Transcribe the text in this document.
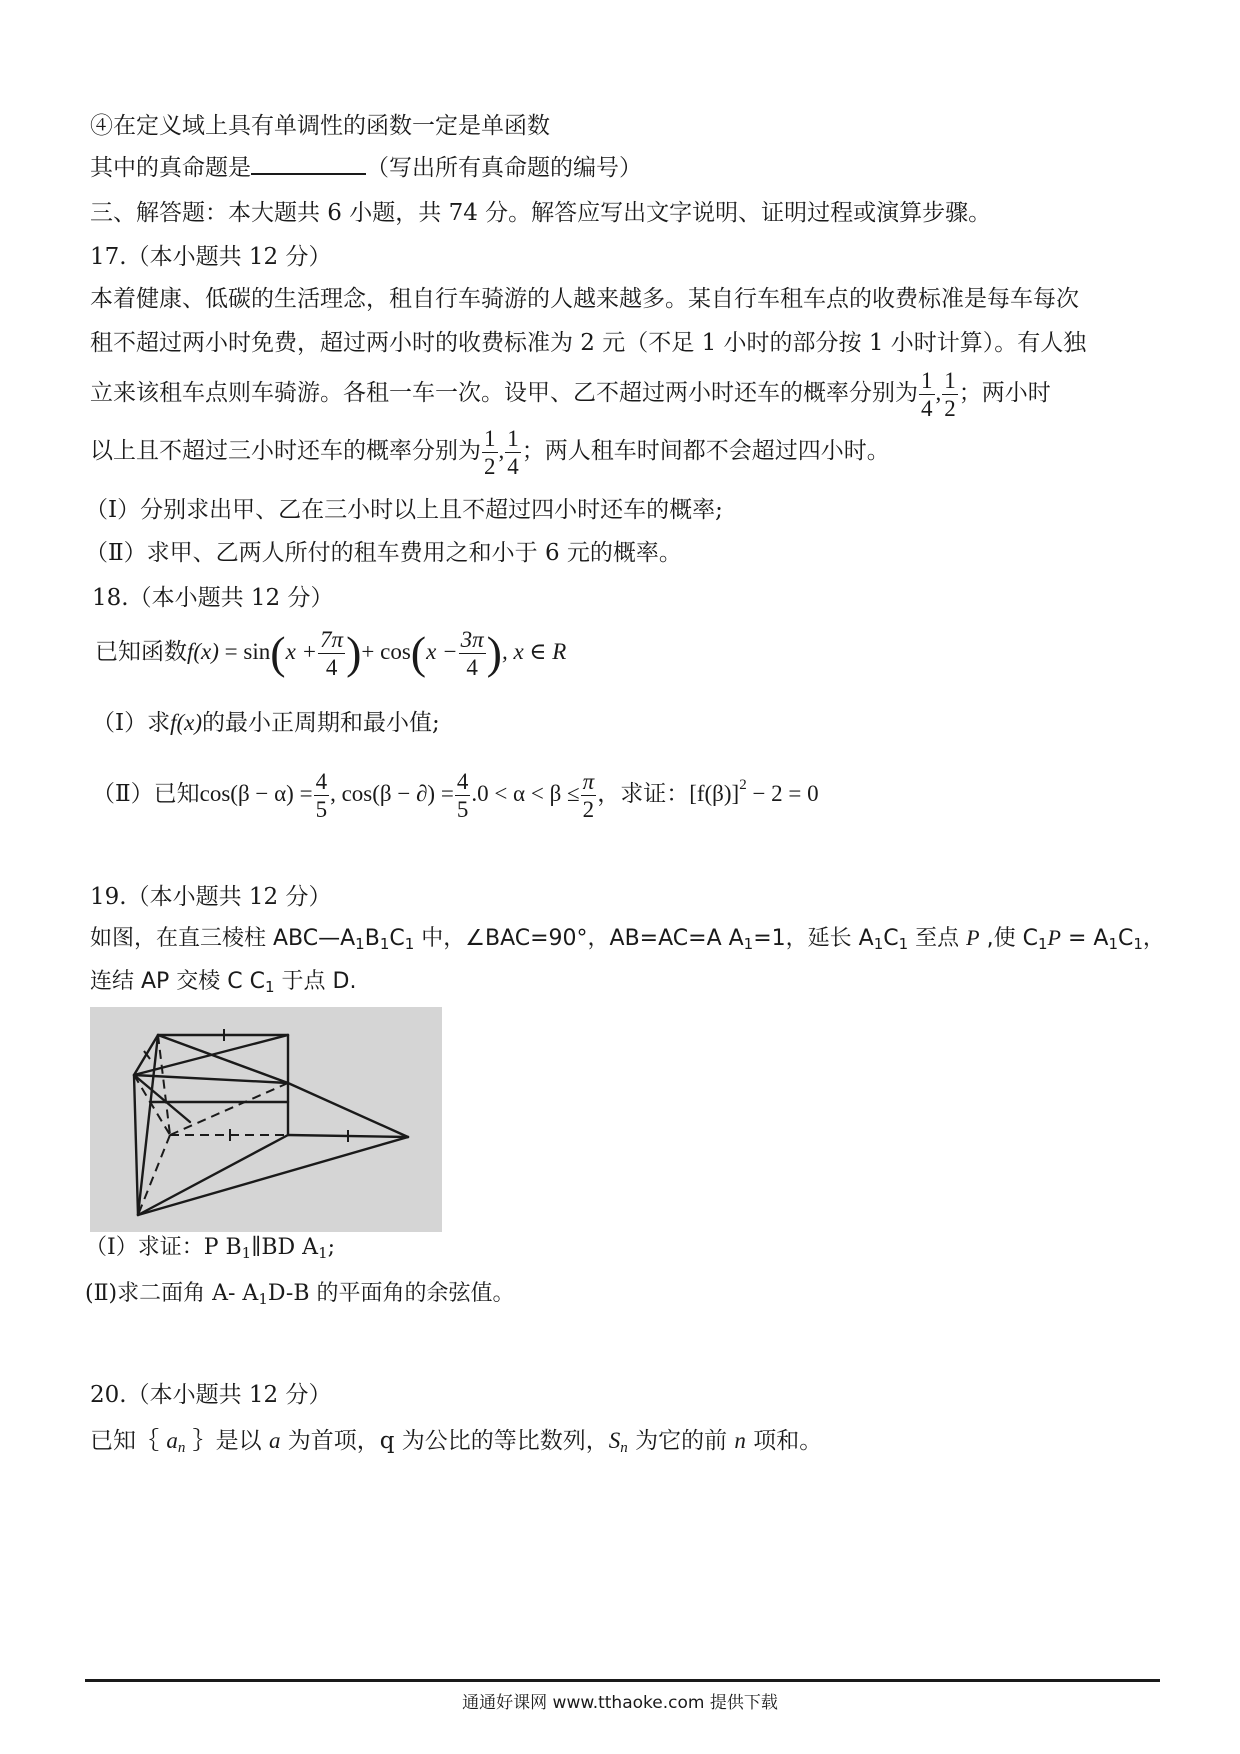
④在定义域上具有单调性的函数一定是单函数
其中的真命题是	（写出所有真命题的编号）
三、解答题：本大题共 6 小题，共 74 分。解答应写出文字说明、证明过程或演算步骤。
17.（本小题共 12 分）
本着健康、低碳的生活理念，租自行车骑游的人越来越多。某自行车租车点的收费标准是每车每次
租不超过两小时免费，超过两小时的收费标准为 2 元（不足 1 小时的部分按 1 小时计算）。有人独
立来该租车点则车骑游。各租一车一次。设甲、乙不超过两小时还车的概率分别为 $\frac{1}{4}$ , $\frac{1}{2}$ ；两小时
以上且不超过三小时还车的概率分别为 $\frac{1}{2}$ , $\frac{1}{4}$ ；两人租车时间都不会超过四小时。
（Ⅰ）分别求出甲、乙在三小时以上且不超过四小时还车的概率;
（Ⅱ）求甲、乙两人所付的租车费用之和小于 6 元的概率。
18.（本小题共 12 分）
已知函数$f(x) = \sin(x + \frac{7\pi}{4}$ )+ $\cos(x - \frac{3\pi}{4}$ ), x ∈ R
（Ⅰ）求f(x)的最小正周期和最小值;
（Ⅱ）已知$\cos(\beta - \alpha) = \frac{4}{5}$ , cos(β − ∂) = $\frac{4}{5} .0 < \alpha < \beta \le \frac{\pi}{2}$ ，求证：$[f(\beta)]^2 - 2 = 0$
19.（本小题共 12 分）
如图，在直三棱柱 $ABC—A_1B_1C_1$ 中，∠BAC=90°，AB=AC=A $A_1=1$，延长 $A_1C_1$ 至点 P ,使 $C_1P = A_1C_1$，
连结 AP 交棱 C $C_1$ 于点 D.
（Ⅰ）求证：P $B_1\parallel BD$ $A_1$;
(Ⅱ)求二面角 A- $A_1D-B$ 的平面角的余弦值。
20.（本小题共 12 分）
已知｛ $a_n$ ｝是以 a 为首项，q 为公比的等比数列，$S_n$ 为它的前 n 项和。
通通好课网 www.tthaoke.com 提供下载
